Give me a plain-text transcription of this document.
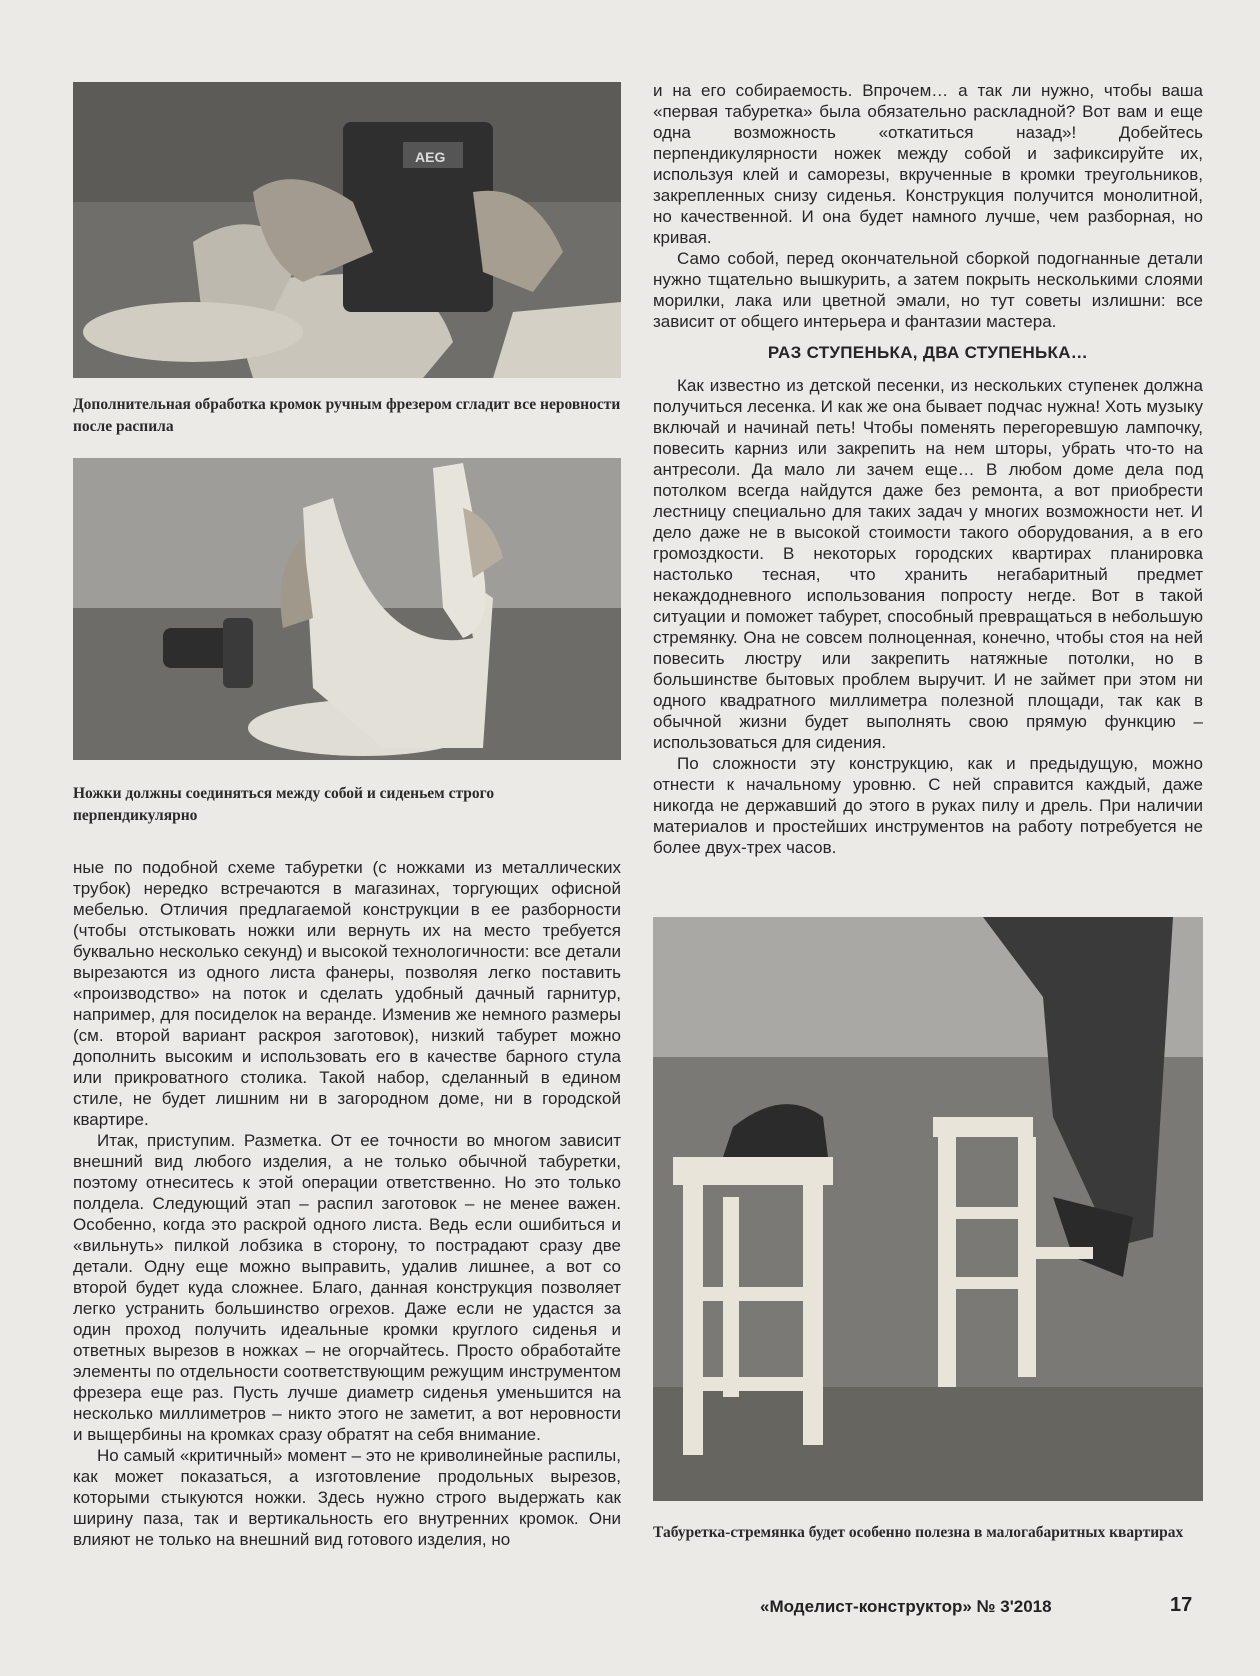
AEG
Дополнительная обработка кромок ручным фрезером сгладит все неровности после распила
Ножки должны соединяться между собой и сиденьем строго перпендикулярно

ные по подобной схеме табуретки (с ножками из металлических трубок) нередко встречаются в магазинах, торгующих офисной мебелью. Отличия предлагаемой конструкции в ее разборности (чтобы отстыковать ножки или вернуть их на место требуется буквально несколько секунд) и высокой технологичности: все детали вырезаются из одного листа фанеры, позволяя легко поставить «производство» на поток и сделать удобный дачный гарнитур, например, для посиделок на веранде. Изменив же немного размеры (см. второй вариант раскроя заготовок), низкий табурет можно дополнить высоким и использовать его в качестве барного стула или прикроватного столика. Такой набор, сделанный в едином стиле, не будет лишним ни в загородном доме, ни в городской квартире.

Итак, приступим. Разметка. От ее точности во многом зависит внешний вид любого изделия, а не только обычной табуретки, поэтому отнеситесь к этой операции ответственно. Но это только полдела. Следующий этап – распил заготовок – не менее важен. Особенно, когда это раскрой одного листа. Ведь если ошибиться и «вильнуть» пилкой лобзика в сторону, то пострадают сразу две детали. Одну еще можно выправить, удалив лишнее, а вот со второй будет куда сложнее. Благо, данная конструкция позволяет легко устранить большинство огрехов. Даже если не удастся за один проход получить идеальные кромки круглого сиденья и ответных вырезов в ножках – не огорчайтесь. Просто обработайте элементы по отдельности соответствующим режущим инструментом фрезера еще раз. Пусть лучше диаметр сиденья уменьшится на несколько миллиметров – никто этого не заметит, а вот неровности и выщербины на кромках сразу обратят на себя внимание.

Но самый «критичный» момент – это не криволинейные распилы, как может показаться, а изготовление продольных вырезов, которыми стыкуются ножки. Здесь нужно строго выдержать как ширину паза, так и вертикальность его внутренних кромок. Они влияют не только на внешний вид готового изделия, но

и на его собираемость. Впрочем… а так ли нужно, чтобы ваша «первая табуретка» была обязательно раскладной? Вот вам и еще одна возможность «откатиться назад»! Добейтесь перпендикулярности ножек между собой и зафиксируйте их, используя клей и саморезы, вкрученные в кромки треугольников, закрепленных снизу сиденья. Конструкция получится монолитной, но качественной. И она будет намного лучше, чем разборная, но кривая.

Само собой, перед окончательной сборкой подогнанные детали нужно тщательно вышкурить, а затем покрыть несколькими слоями морилки, лака или цветной эмали, но тут советы излишни: все зависит от общего интерьера и фантазии мастера.

РАЗ СТУПЕНЬКА, ДВА СТУПЕНЬКА…

Как известно из детской песенки, из нескольких ступенек должна получиться лесенка. И как же она бывает подчас нужна! Хоть музыку включай и начинай петь! Чтобы поменять перегоревшую лампочку, повесить карниз или закрепить на нем шторы, убрать что-то на антресоли. Да мало ли зачем еще… В любом доме дела под потолком всегда найдутся даже без ремонта, а вот приобрести лестницу специально для таких задач у многих возможности нет. И дело даже не в высокой стоимости такого оборудования, а в его громоздкости. В некоторых городских квартирах планировка настолько тесная, что хранить негабаритный предмет некаждодневного использования попросту негде. Вот в такой ситуации и поможет табурет, способный превращаться в небольшую стремянку. Она не совсем полноценная, конечно, чтобы стоя на ней повесить люстру или закрепить натяжные потолки, но в большинстве бытовых проблем выручит. И не займет при этом ни одного квадратного миллиметра полезной площади, так как в обычной жизни будет выполнять свою прямую функцию – использоваться для сидения.

По сложности эту конструкцию, как и предыдущую, можно отнести к начальному уровню. С ней справится каждый, даже никогда не державший до этого в руках пилу и дрель. При наличии материалов и простейших инструментов на работу потребуется не более двух-трех часов.

Табуретка-стремянка будет особенно полезна в малогабаритных квартирах
«Моделист-конструктор» № 3'2018	17
